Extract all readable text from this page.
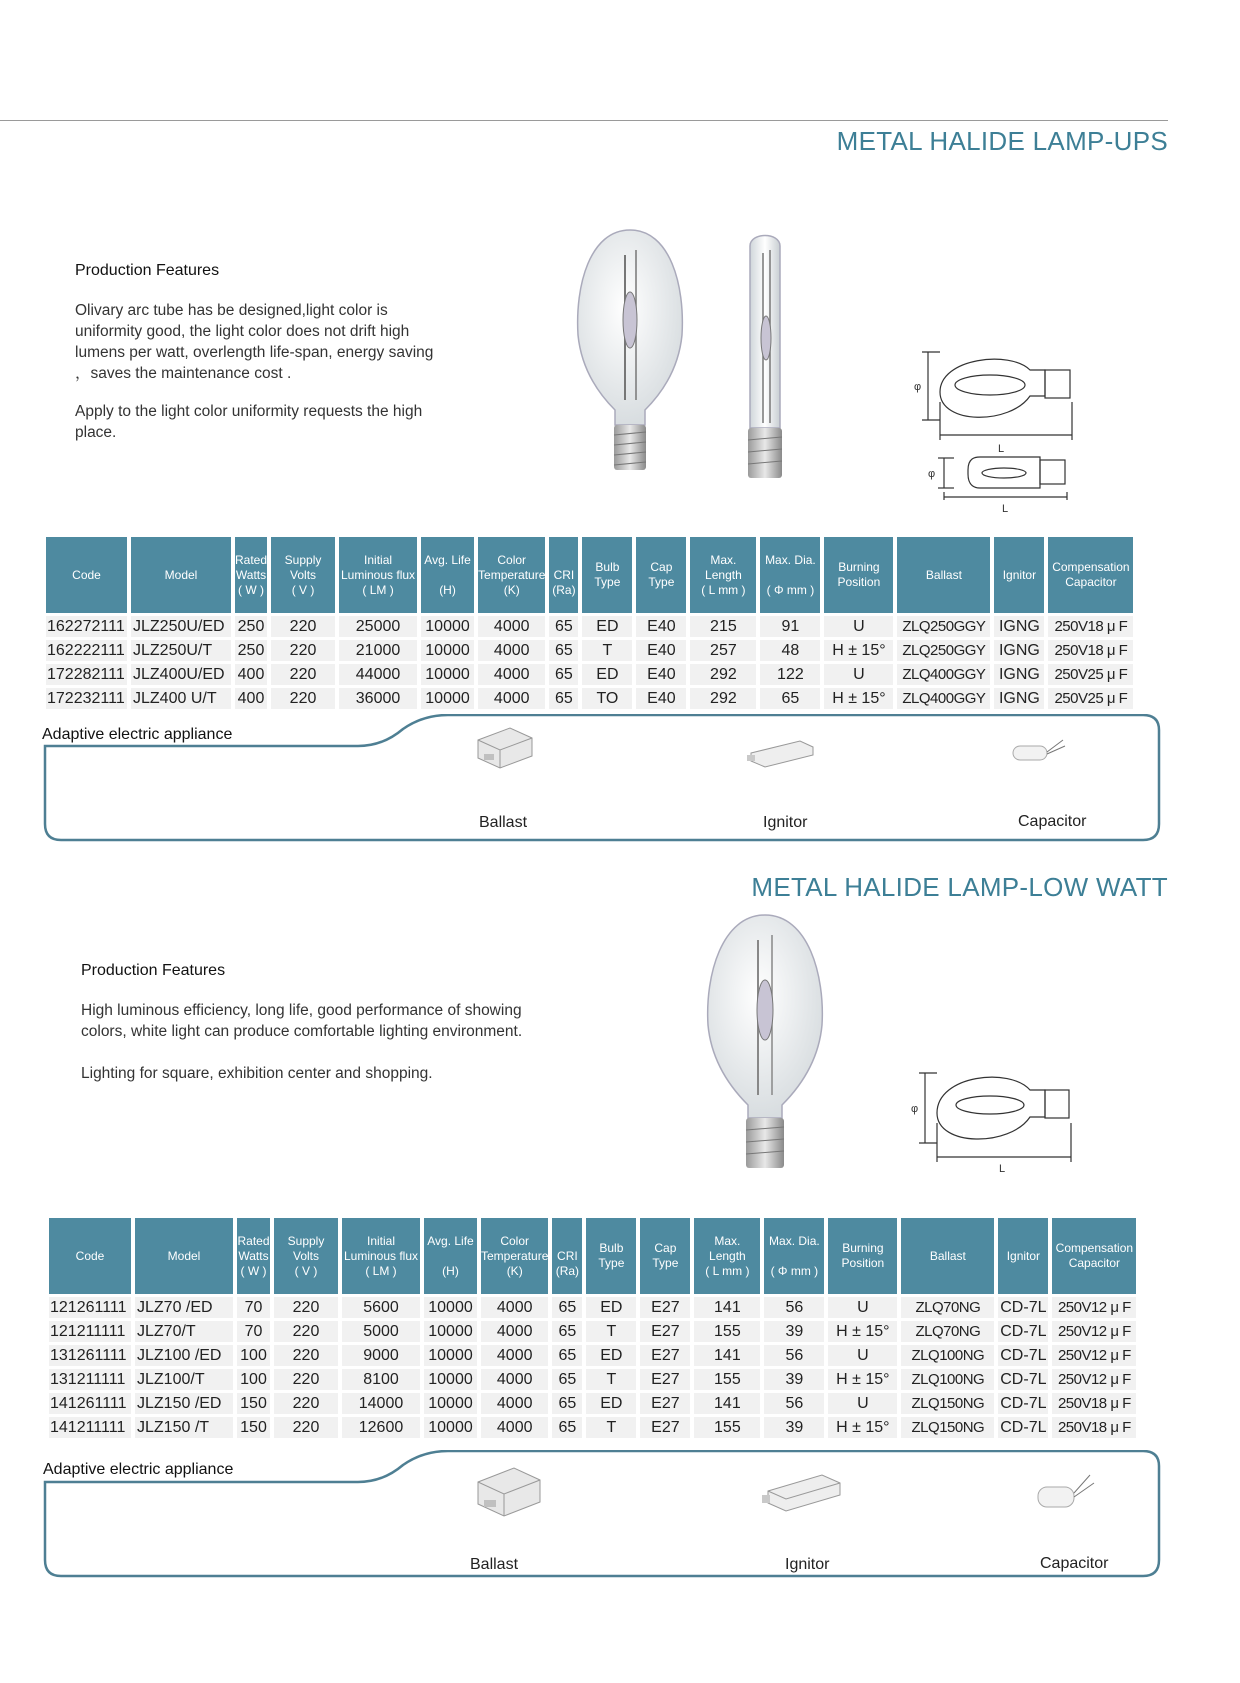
METAL HALIDE LAMP-UPS
Production Features

Olivary arc tube has be designed,light color is
uniformity good, the light color does not drift high
lumens per watt, overlength life-span, energy saving
，saves the maintenance cost .

Apply to the light color uniformity requests the high
place.

φ
L
φ
L
Code	Model	Rated
Watts
( W )	Supply
Volts
( V )	Initial
Luminous flux
( LM )	Avg. Life

(H)	Color
Temperature
(K)	CRI
(Ra)	Bulb
Type	Cap
Type	Max.
Length
( L mm )	Max. Dia.

( Φ mm )	Burning
Position	Ballast	Ignitor	Compensation
Capacitor

162272111	JLZ250U/ED	250	220	25000	10000	4000	65	ED	E40	215	91	U	ZLQ250GGY	IGNG	250V18 μ F
162222111	JLZ250U/T	250	220	21000	10000	4000	65	T	E40	257	48	H ± 15°	ZLQ250GGY	IGNG	250V18 μ F
172282111	JLZ400U/ED	400	220	44000	10000	4000	65	ED	E40	292	122	U	ZLQ400GGY	IGNG	250V25 μ F
172232111	JLZ400 U/T	400	220	36000	10000	4000	65	TO	E40	292	65	H ± 15°	ZLQ400GGY	IGNG	250V25 μ F
Adaptive electric appliance
Ballast	Ignitor	Capacitor
METAL HALIDE LAMP-LOW WATT
Production Features

High luminous efficiency, long life, good performance of showing
colors, white light can produce comfortable lighting environment.

Lighting for square, exhibition center and shopping.

φ
L
Code	Model	Rated
Watts
( W )	Supply
Volts
( V )	Initial
Luminous flux
( LM )	Avg. Life

(H)	Color
Temperature
(K)	CRI
(Ra)	Bulb
Type	Cap
Type	Max.
Length
( L mm )	Max. Dia.

( Φ mm )	Burning
Position	Ballast	Ignitor	Compensation
Capacitor

121261111	JLZ70 /ED	70	220	5600	10000	4000	65	ED	E27	141	56	U	ZLQ70NG	CD-7L	250V12 μ F
121211111	JLZ70/T	70	220	5000	10000	4000	65	T	E27	155	39	H ± 15°	ZLQ70NG	CD-7L	250V12 μ F
131261111	JLZ100 /ED	100	220	9000	10000	4000	65	ED	E27	141	56	U	ZLQ100NG	CD-7L	250V12 μ F
131211111	JLZ100/T	100	220	8100	10000	4000	65	T	E27	155	39	H ± 15°	ZLQ100NG	CD-7L	250V12 μ F
141261111	JLZ150 /ED	150	220	14000	10000	4000	65	ED	E27	141	56	U	ZLQ150NG	CD-7L	250V18 μ F
141211111	JLZ150 /T	150	220	12600	10000	4000	65	T	E27	155	39	H ± 15°	ZLQ150NG	CD-7L	250V18 μ F
Adaptive electric appliance
Ballast	Ignitor	Capacitor
